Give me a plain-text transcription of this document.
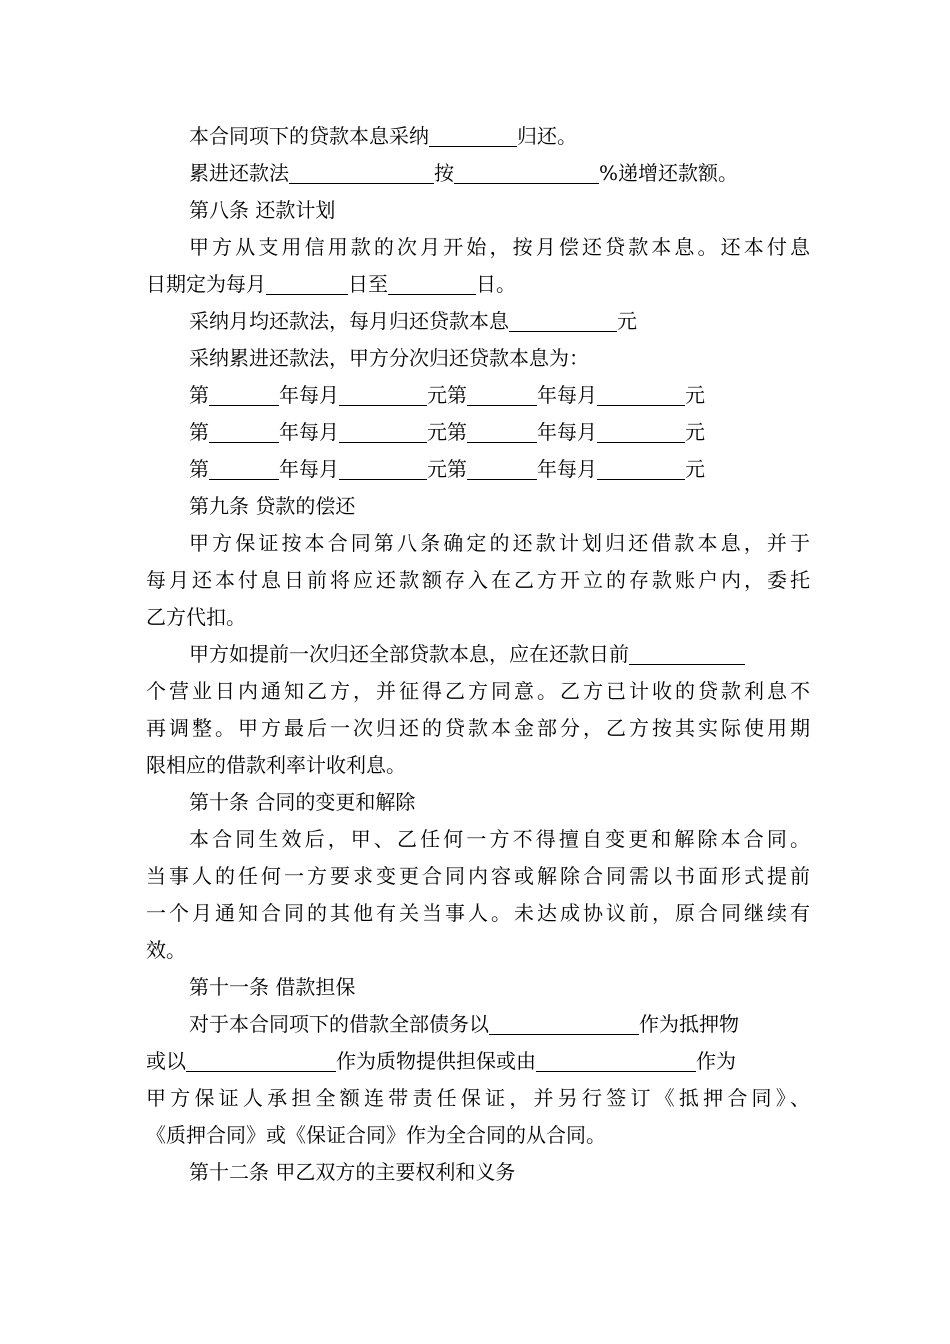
本合同项下的贷款本息采纳	归还。
累进还款法	按	%递增还款额。
第八条 还款计划
甲方从支用信用款的次月开始，按月偿还贷款本息。还本付息
日期定为每月	日至	日。
采纳月均还款法，每月归还贷款本息	元
采纳累进还款法，甲方分次归还贷款本息为：
第	年每月	元第	年每月	元
第	年每月	元第	年每月	元
第	年每月	元第	年每月	元
第九条 贷款的偿还
甲方保证按本合同第八条确定的还款计划归还借款本息，并于
每月还本付息日前将应还款额存入在乙方开立的存款账户内，委托
乙方代扣。
甲方如提前一次归还全部贷款本息，应在还款日前
个营业日内通知乙方，并征得乙方同意。乙方已计收的贷款利息不
再调整。甲方最后一次归还的贷款本金部分，乙方按其实际使用期
限相应的借款利率计收利息。
第十条 合同的变更和解除
本合同生效后，甲、乙任何一方不得擅自变更和解除本合同。
当事人的任何一方要求变更合同内容或解除合同需以书面形式提前
一个月通知合同的其他有关当事人。未达成协议前，原合同继续有
效。
第十一条 借款担保
对于本合同项下的借款全部债务以	作为抵押物
或以	作为质物提供担保或由	作为
甲方保证人承担全额连带责任保证，并另行签订《抵押合同》、
《质押合同》或《保证合同》作为全合同的从合同。
第十二条 甲乙双方的主要权利和义务
